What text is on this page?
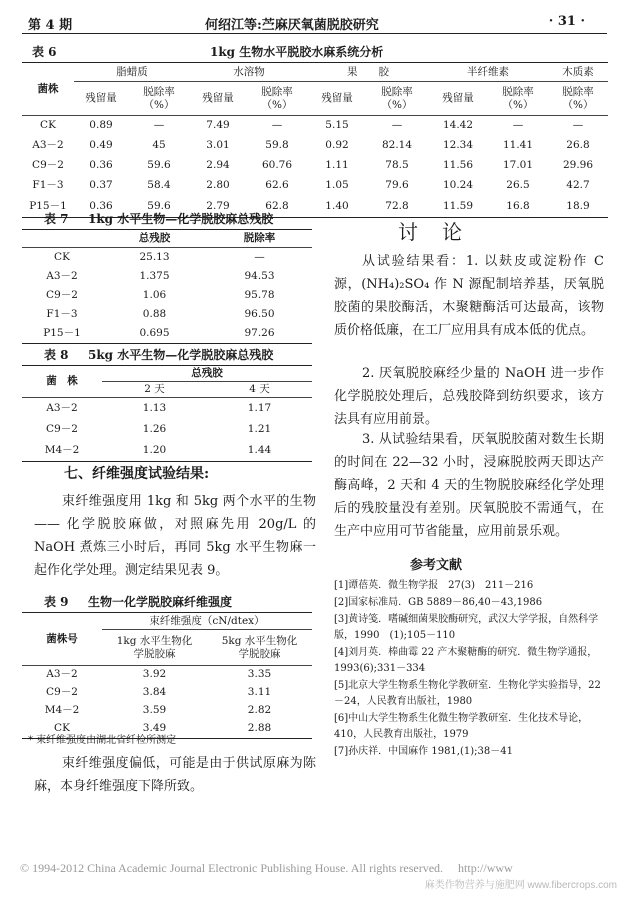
第 4 期	何绍江等:苎麻厌氧菌脱胶研究	· 31 ·
表 6	1kg 生物水平脱胶水麻系统分析
菌株	脂蜡质		水溶物		果　　胶		半纤维素		木质素
	残留量	脱除率（%）	残留量	脱除率（%）	残留量	脱除率（%）	残留量	脱除率（%）	脱除率（%）
CK	0.89	—	7.49	—	5.15	—	14.42	—	—
A3－2	0.49	45	3.01	59.8	0.92	82.14	12.34	11.41	26.8
C9－2	0.36	59.6	2.94	60.76	1.11	78.5	11.56	17.01	29.96
F1－3	0.37	58.4	2.80	62.6	1.05	79.6	10.24	26.5	42.7
P15－1	0.36	59.6	2.79	62.8	1.40	72.8	11.59	16.8	18.9
表 7 1kg 水平生物—化学脱胶麻总残胶
	总残胶	脱除率
CK	25.13	—
A3－2	1.375	94.53
C9－2	1.06	95.78
F1－3	0.88	96.50
P15－1	0.695	97.26
表 8 5kg 水平生物—化学脱胶麻总残胶
菌　株	总残胶	
	2 天	4 天
A3－2	1.13	1.17
C9－2	1.26	1.21
M4－2	1.20	1.44
七、纤维强度试验结果:
束纤维强度用 1kg 和 5kg 两个水平的生物—— 化学脱胶麻做，对照麻先用 20g/L 的 NaOH 煮炼三小时后，再同 5kg 水平生物麻一起作化学处理。测定结果见表 9。
表 9 生物一化学脱胶麻纤维强度
菌株号	束纤维强度（cN/dtex）	
	1kg 水平生物化学脱胶麻	5kg 水平生物化学脱胶麻
A3－2	3.92	3.35
C9－2	3.84	3.11
M4－2	3.59	2.82
CK	3.49	2.88
* 束纤维强度由湖北省纤检所测定
束纤维强度偏低，可能是由于供试原麻为陈麻，本身纤维强度下降所致。
讨　论
从试验结果看：1. 以麸皮或淀粉作 C 源，(NH₄)₂SO₄ 作 N 源配制培养基，厌氧脱胶菌的果胶酶活，木聚糖酶活可达最高，该物质价格低廉，在工厂应用具有成本低的优点。
2. 厌氧脱胶麻经少量的 NaOH 进一步作化学脱胶处理后，总残胶降到纺织要求，该方法具有应用前景。
3. 从试验结果看，厌氧脱胶菌对数生长期的时间在 22—32 小时，浸麻脱胶两天即达产酶高峰，2 天和 4 天的生物脱胶麻经化学处理后的残胶量没有差别。厌氧脱胶不需通气，在生产中应用可节省能量，应用前景乐观。
参考文献
[1]谭蓓英．微生物学报　27(3)　211－216
[2]国家标准局．GB 5889－86,40－43,1986
[3]黄诗笺．嗜碱细菌果胶酶研究，武汉大学学报，自然科学版，1990　(1);105－110
[4]刘月英．棒曲霉 22 产木聚糖酶的研究．微生物学通报，1993(6);331－334
[5]北京大学生物系生物化学教研室．生物化学实验指导，22－24，人民教育出版社，1980
[6]中山大学生物系生化微生物学教研室．生化技术导论，410，人民教育出版社，1979
[7]孙庆祥．中国麻作 1981,(1);38－41
© 1994-2012 China Academic Journal Electronic Publishing House. All rights reserved.　 http://www
麻类作物营养与施肥网 www.fibercrops.com
